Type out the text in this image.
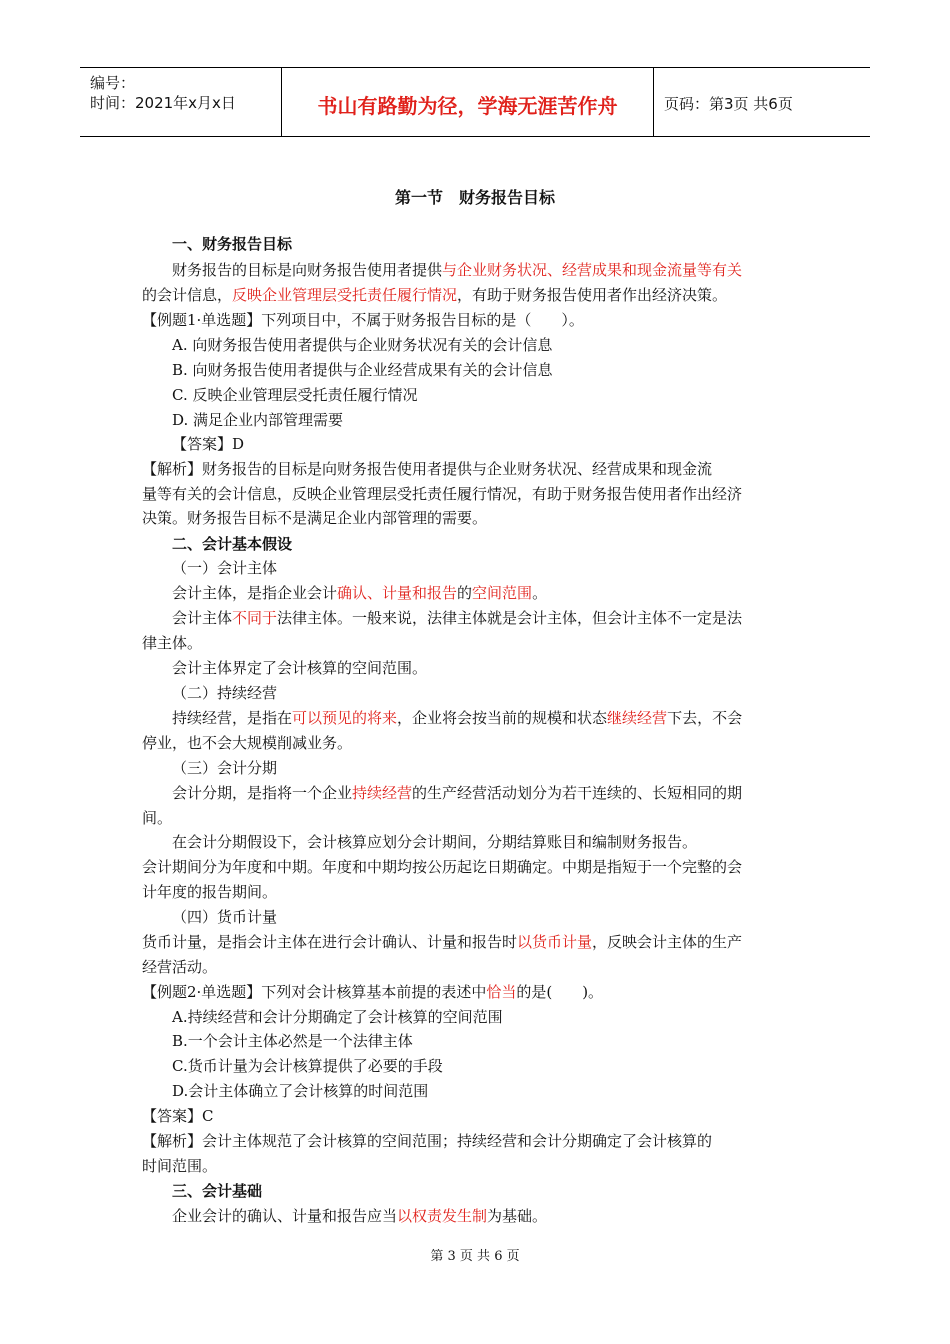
编号：
时间：2021年x月x日	书山有路勤为径，学海无涯苦作舟	页码：第3页 共6页
第一节　财务报告目标
一、财务报告目标
财务报告的目标是向财务报告使用者提供与企业财务状况、经营成果和现金流量等有关
的会计信息，反映企业管理层受托责任履行情况，有助于财务报告使用者作出经济决策。
【例题1·单选题】下列项目中，不属于财务报告目标的是（　　）。
A. 向财务报告使用者提供与企业财务状况有关的会计信息
B. 向财务报告使用者提供与企业经营成果有关的会计信息
C. 反映企业管理层受托责任履行情况
D. 满足企业内部管理需要
【答案】D
【解析】财务报告的目标是向财务报告使用者提供与企业财务状况、经营成果和现金流
量等有关的会计信息，反映企业管理层受托责任履行情况，有助于财务报告使用者作出经济
决策。财务报告目标不是满足企业内部管理的需要。
二、会计基本假设
（一）会计主体
会计主体，是指企业会计确认、计量和报告的空间范围。
会计主体不同于法律主体。一般来说，法律主体就是会计主体，但会计主体不一定是法
律主体。
会计主体界定了会计核算的空间范围。
（二）持续经营
持续经营，是指在可以预见的将来，企业将会按当前的规模和状态继续经营下去，不会
停业，也不会大规模削减业务。
（三）会计分期
会计分期，是指将一个企业持续经营的生产经营活动划分为若干连续的、长短相同的期
间。
在会计分期假设下，会计核算应划分会计期间，分期结算账目和编制财务报告。
会计期间分为年度和中期。年度和中期均按公历起讫日期确定。中期是指短于一个完整的会
计年度的报告期间。
（四）货币计量
货币计量，是指会计主体在进行会计确认、计量和报告时以货币计量，反映会计主体的生产
经营活动。
【例题2·单选题】下列对会计核算基本前提的表述中恰当的是(　　)。
A.持续经营和会计分期确定了会计核算的空间范围
B.一个会计主体必然是一个法律主体
C.货币计量为会计核算提供了必要的手段
D.会计主体确立了会计核算的时间范围
【答案】C
【解析】会计主体规范了会计核算的空间范围；持续经营和会计分期确定了会计核算的
时间范围。
三、会计基础
企业会计的确认、计量和报告应当以权责发生制为基础。
第 3 页 共 6 页
